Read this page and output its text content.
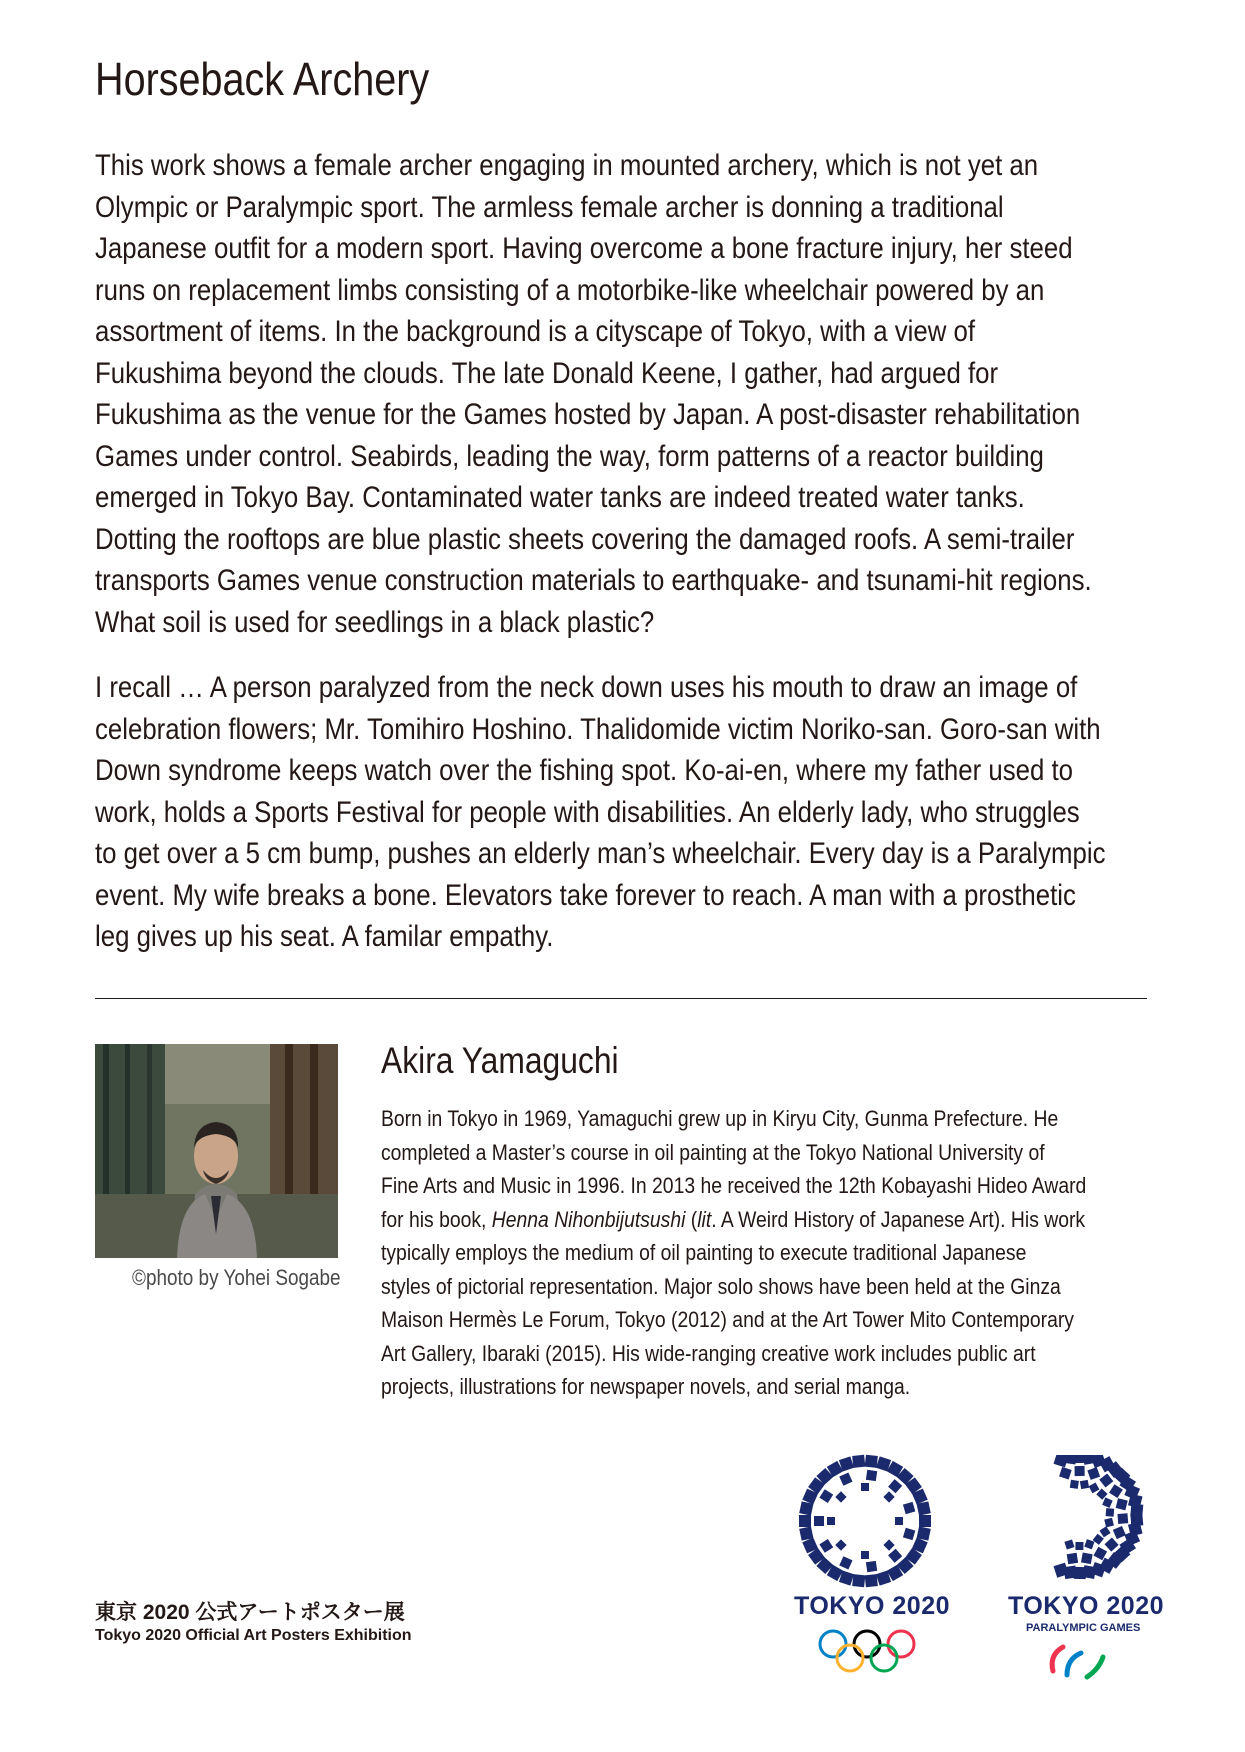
Horseback Archery
This work shows a female archer engaging in mounted archery, which is not yet an
Olympic or Paralympic sport. The armless female archer is donning a traditional
Japanese outfit for a modern sport. Having overcome a bone fracture injury, her steed
runs on replacement limbs consisting of a motorbike-like wheelchair powered by an
assortment of items. In the background is a cityscape of Tokyo, with a view of
Fukushima beyond the clouds. The late Donald Keene, I gather, had argued for
Fukushima as the venue for the Games hosted by Japan. A post-disaster rehabilitation
Games under control. Seabirds, leading the way, form patterns of a reactor building
emerged in Tokyo Bay. Contaminated water tanks are indeed treated water tanks.
Dotting the rooftops are blue plastic sheets covering the damaged roofs. A semi-trailer
transports Games venue construction materials to earthquake- and tsunami-hit regions.
What soil is used for seedlings in a black plastic?
I recall … A person paralyzed from the neck down uses his mouth to draw an image of
celebration flowers; Mr. Tomihiro Hoshino. Thalidomide victim Noriko-san. Goro-san with
Down syndrome keeps watch over the fishing spot. Ko-ai-en, where my father used to
work, holds a Sports Festival for people with disabilities. An elderly lady, who struggles
to get over a 5 cm bump, pushes an elderly man’s wheelchair. Every day is a Paralympic
event. My wife breaks a bone. Elevators take forever to reach. A man with a prosthetic
leg gives up his seat. A familar empathy.
©photo by Yohei Sogabe
Akira Yamaguchi
Born in Tokyo in 1969, Yamaguchi grew up in Kiryu City, Gunma Prefecture. He
completed a Master’s course in oil painting at the Tokyo National University of
Fine Arts and Music in 1996. In 2013 he received the 12th Kobayashi Hideo Award
for his book, Henna Nihonbijutsushi (lit. A Weird History of Japanese Art). His work
typically employs the medium of oil painting to execute traditional Japanese
styles of pictorial representation. Major solo shows have been held at the Ginza
Maison Hermès Le Forum, Tokyo (2012) and at the Art Tower Mito Contemporary
Art Gallery, Ibaraki (2015). His wide-ranging creative work includes public art
projects, illustrations for newspaper novels, and serial manga.
東京 2020 公式アートポスター展
Tokyo 2020 Official Art Posters Exhibition
TOKYO 2020 TOKYO 2020
PARALYMPIC GAMES
